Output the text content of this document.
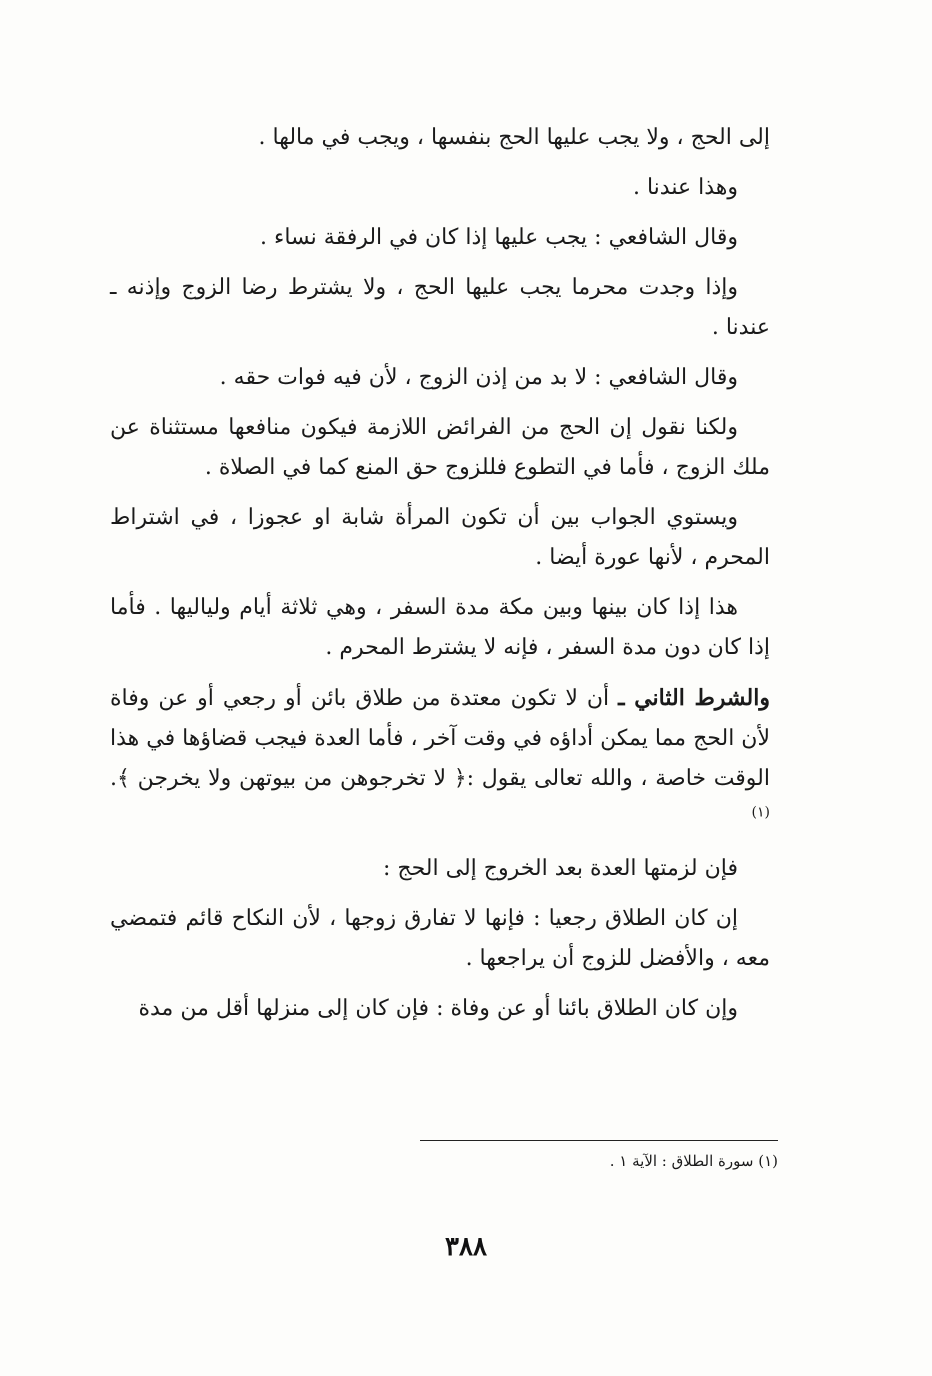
إلى الحج ، ولا يجب عليها الحج بنفسها ، ويجب في مالها .

وهذا عندنا .

وقال الشافعي : يجب عليها إذا كان في الرفقة نساء .

وإذا وجدت محرما يجب عليها الحج ، ولا يشترط رضا الزوج وإذنه ـ عندنا .

وقال الشافعي : لا بد من إذن الزوج ، لأن فيه فوات حقه .

ولكنا نقول إن الحج من الفرائض اللازمة فيكون منافعها مستثناة عن ملك الزوج ، فأما في التطوع فللزوج حق المنع كما في الصلاة .

ويستوي الجواب بين أن تكون المرأة شابة او عجوزا ، في اشتراط المحرم ، لأنها عورة أيضا .

هذا إذا كان بينها وبين مكة مدة السفر ، وهي ثلاثة أيام ولياليها . فأما إذا كان دون مدة السفر ، فإنه لا يشترط المحرم .

والشرط الثاني ـ أن لا تكون معتدة من طلاق بائن أو رجعي أو عن وفاة لأن الحج مما يمكن أداؤه في وقت آخر ، فأما العدة فيجب قضاؤها في هذا الوقت خاصة ، والله تعالى يقول :﴿ لا تخرجوهن من بيوتهن ولا يخرجن ﴾. $^{(١)}$

فإن لزمتها العدة بعد الخروج إلى الحج :

إن كان الطلاق رجعيا : فإنها لا تفارق زوجها ، لأن النكاح قائم فتمضي معه ، والأفضل للزوج أن يراجعها .

وإن كان الطلاق بائنا أو عن وفاة : فإن كان إلى منزلها أقل من مدة

(١) سورة الطلاق : الآية ١ .
٣٨٨
